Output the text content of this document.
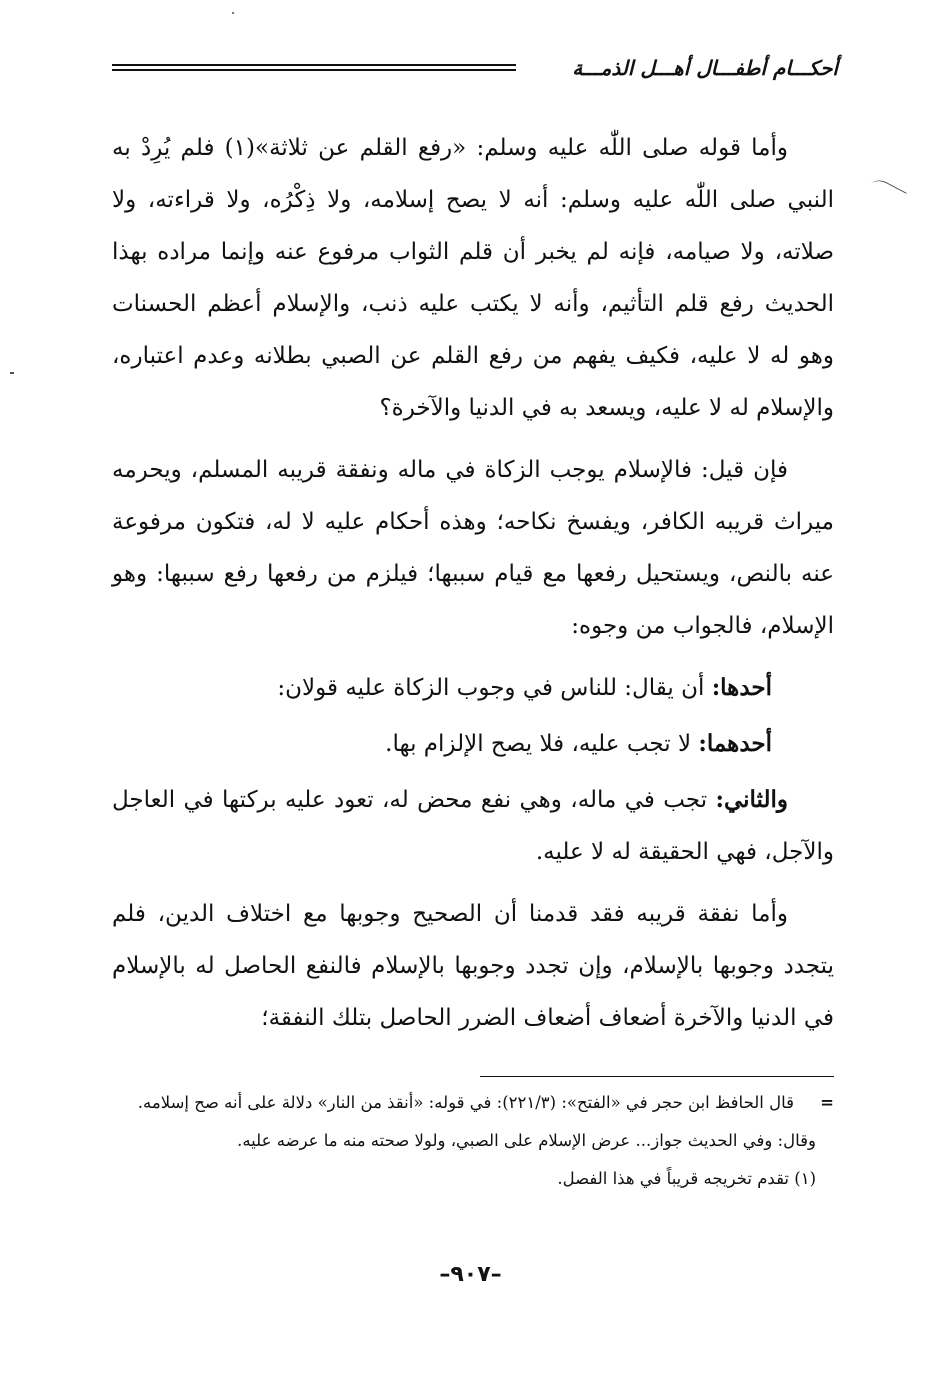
أحكـــام أطفـــال أهـــل الذمـــة

وأما قوله صلى اللّٰه عليه وسلم: «رفع القلم عن ثلاثة»(١) فلم يُرِدْ به النبي صلى اللّٰه عليه وسلم: أنه لا يصح إسلامه، ولا ذِكْرُه، ولا قراءته، ولا صلاته، ولا صيامه، فإنه لم يخبر أن قلم الثواب مرفوع عنه وإنما مراده بهذا الحديث رفع قلم التأثيم، وأنه لا يكتب عليه ذنب، والإسلام أعظم الحسنات وهو له لا عليه، فكيف يفهم من رفع القلم عن الصبي بطلانه وعدم اعتباره، والإسلام له لا عليه، ويسعد به في الدنيا والآخرة؟

فإن قيل: فالإسلام يوجب الزكاة في ماله ونفقة قريبه المسلم، ويحرمه ميراث قريبه الكافر، ويفسخ نكاحه؛ وهذه أحكام عليه لا له، فتكون مرفوعة عنه بالنص، ويستحيل رفعها مع قيام سببها؛ فيلزم من رفعها رفع سببها: وهو الإسلام، فالجواب من وجوه:

أحدها: أن يقال: للناس في وجوب الزكاة عليه قولان:

أحدهما: لا تجب عليه، فلا يصح الإلزام بها.

والثاني: تجب في ماله، وهي نفع محض له، تعود عليه بركتها في العاجل والآجل، فهي الحقيقة له لا عليه.

وأما نفقة قريبه فقد قدمنا أن الصحيح وجوبها مع اختلاف الدين، فلم يتجدد وجوبها بالإسلام، وإن تجدد وجوبها بالإسلام فالنفع الحاصل له بالإسلام في الدنيا والآخرة أضعاف أضعاف الضرر الحاصل بتلك النفقة؛

=قال الحافظ ابن حجر في «الفتح»: (٢٢١/٣): في قوله: «أنقذ من النار» دلالة على أنه صح إسلامه.

وقال: وفي الحديث جواز... عرض الإسلام على الصبي، ولولا صحته منه ما عرضه عليه.

(١) تقدم تخريجه قريباً في هذا الفصل.

–٩٠٧–
